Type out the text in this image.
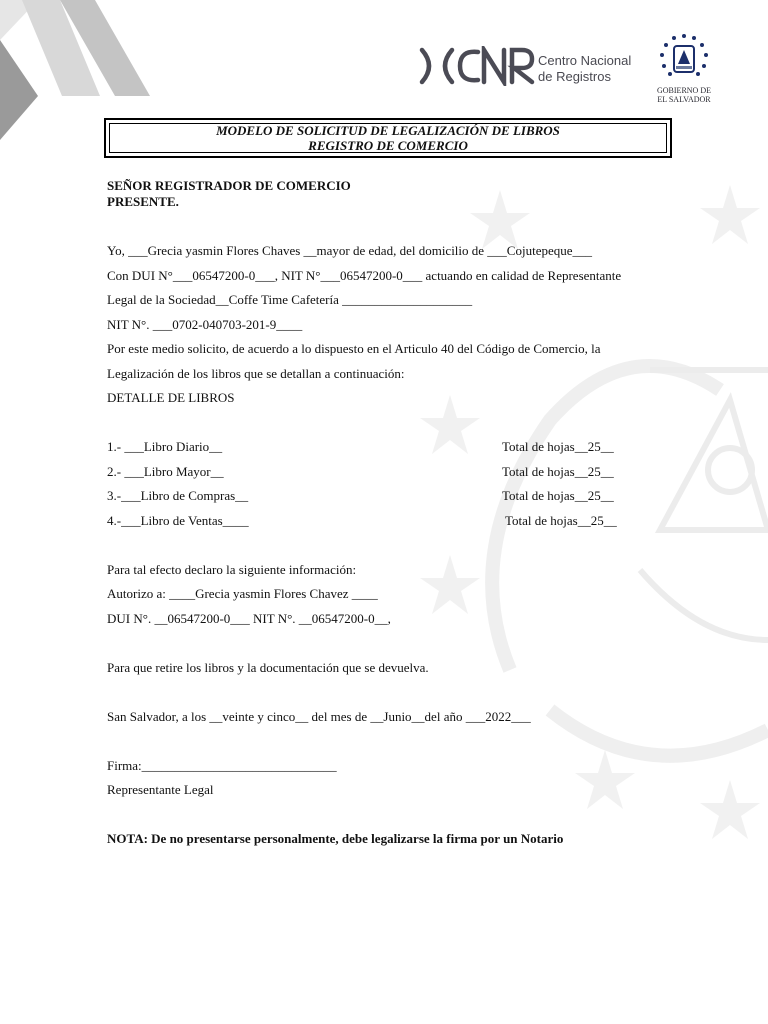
Centro Nacional
de Registros
GOBIERNO DE
EL SALVADOR
MODELO DE SOLICITUD DE LEGALIZACIÓN DE LIBROS
REGISTRO DE COMERCIO
SEÑOR REGISTRADOR DE COMERCIO
PRESENTE.
Yo, ___Grecia yasmin Flores Chaves __mayor de edad, del domicilio de ___Cojutepeque___
Con DUI N°___06547200-0___, NIT N°___06547200-0___ actuando en calidad de Representante
Legal de la Sociedad__Coffe Time Cafetería ____________________
NIT N°. ___0702-040703-201-9____
Por este medio solicito, de acuerdo a lo dispuesto en el Articulo 40 del Código de Comercio, la
Legalización de los libros que se detallan a continuación:
DETALLE DE LIBROS
1.- ___Libro Diario__	Total de hojas__25__
2.- ___Libro Mayor__	Total de hojas__25__
3.-___Libro de Compras__	Total de hojas__25__
4.-___Libro de Ventas____	Total de hojas__25__
Para tal efecto declaro la siguiente información:
Autorizo a: ____Grecia yasmin Flores Chavez ____
DUI N°. __06547200-0___ NIT N°. __06547200-0__,
Para que retire los libros y la documentación que se devuelva.
San Salvador, a los __veinte y cinco__ del mes de __Junio__del año ___2022___
Firma:______________________________
Representante Legal
NOTA: De no presentarse personalmente, debe legalizarse la firma por un Notario
